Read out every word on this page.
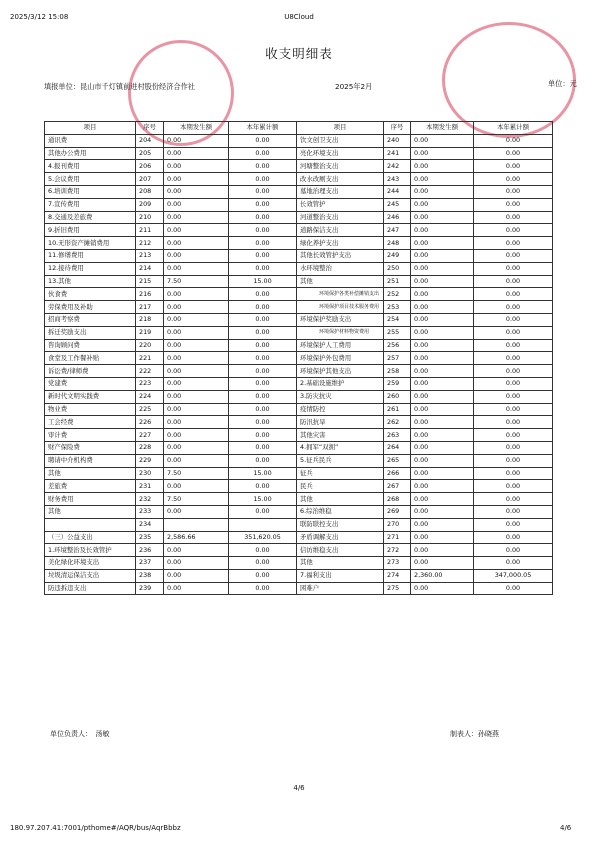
2025/3/12 15:08	U8Cloud
收支明细表
填报单位：昆山市千灯镇前进村股份经济合作社	2025年2月	单位：元
项目	序号	本期发生额	本年累计额	项目	序号	本期发生额	本年累计额
通讯费	204	0.00	0.00	饮文创卫支出	240	0.00	0.00
其他办公费用	205	0.00	0.00	亮化环境支出	241	0.00	0.00
4.报刊费用	206	0.00	0.00	河塘整治支出	242	0.00	0.00
5.会议费用	207	0.00	0.00	改水改厕支出	243	0.00	0.00
6.培训费用	208	0.00	0.00	墓地治理支出	244	0.00	0.00
7.宣传费用	209	0.00	0.00	长效管护	245	0.00	0.00
8.交通及差旅费	210	0.00	0.00	河道整治支出	246	0.00	0.00
9.折旧费用	211	0.00	0.00	道路保洁支出	247	0.00	0.00
10.无形资产摊销费用	212	0.00	0.00	绿化养护支出	248	0.00	0.00
11.修缮费用	213	0.00	0.00	其他长效管护支出	249	0.00	0.00
12.接待费用	214	0.00	0.00	水环境整治	250	0.00	0.00
13.其他	215	7.50	15.00	其他	251	0.00	0.00
伙食费	216	0.00	0.00	环境保护各类补偿摊销支出	252	0.00	0.00
劳保费用及补助	217	0.00	0.00	环境保护项目技术服务费用	253	0.00	0.00
招商考察费	218	0.00	0.00	环境保护奖励支出	254	0.00	0.00
拆迁奖励支出	219	0.00	0.00	环境保护材料物资费用	255	0.00	0.00
咨询顾问费	220	0.00	0.00	环境保护人工费用	256	0.00	0.00
食堂及工作餐补贴	221	0.00	0.00	环境保护外包费用	257	0.00	0.00
诉讼费/律师费	222	0.00	0.00	环境保护其他支出	258	0.00	0.00
党建费	223	0.00	0.00	2.基础设施维护	259	0.00	0.00
新时代文明实践费	224	0.00	0.00	3.防灾抗灾	260	0.00	0.00
物业费	225	0.00	0.00	疫情防控	261	0.00	0.00
工会经费	226	0.00	0.00	防汛抗旱	262	0.00	0.00
审计费	227	0.00	0.00	其他灾害	263	0.00	0.00
财产保险费	228	0.00	0.00	4.拥军“双拥”	264	0.00	0.00
聘请中介机构费	229	0.00	0.00	5.征兵民兵	265	0.00	0.00
其他	230	7.50	15.00	征兵	266	0.00	0.00
差旅费	231	0.00	0.00	民兵	267	0.00	0.00
财务费用	232	7.50	15.00	其他	268	0.00	0.00
其他	233	0.00	0.00	6.综治维稳	269	0.00	0.00
	234			联防联控支出	270	0.00	0.00
（三）公益支出	235	2,586.66	351,620.05	矛盾调解支出	271	0.00	0.00
1.环境整治及长效管护	236	0.00	0.00	信访维稳支出	272	0.00	0.00
美化绿化环境支出	237	0.00	0.00	其他	273	0.00	0.00
垃圾清运保洁支出	238	0.00	0.00	7.福利支出	274	2,360.00	347,000.05
防违拆违支出	239	0.00	0.00	困难户	275	0.00	0.00
单位负责人：　汤敏	制表人：孙晓燕
4/6
180.97.207.41:7001/pthome#/AQR/bus/AqrBbbz	4/6
